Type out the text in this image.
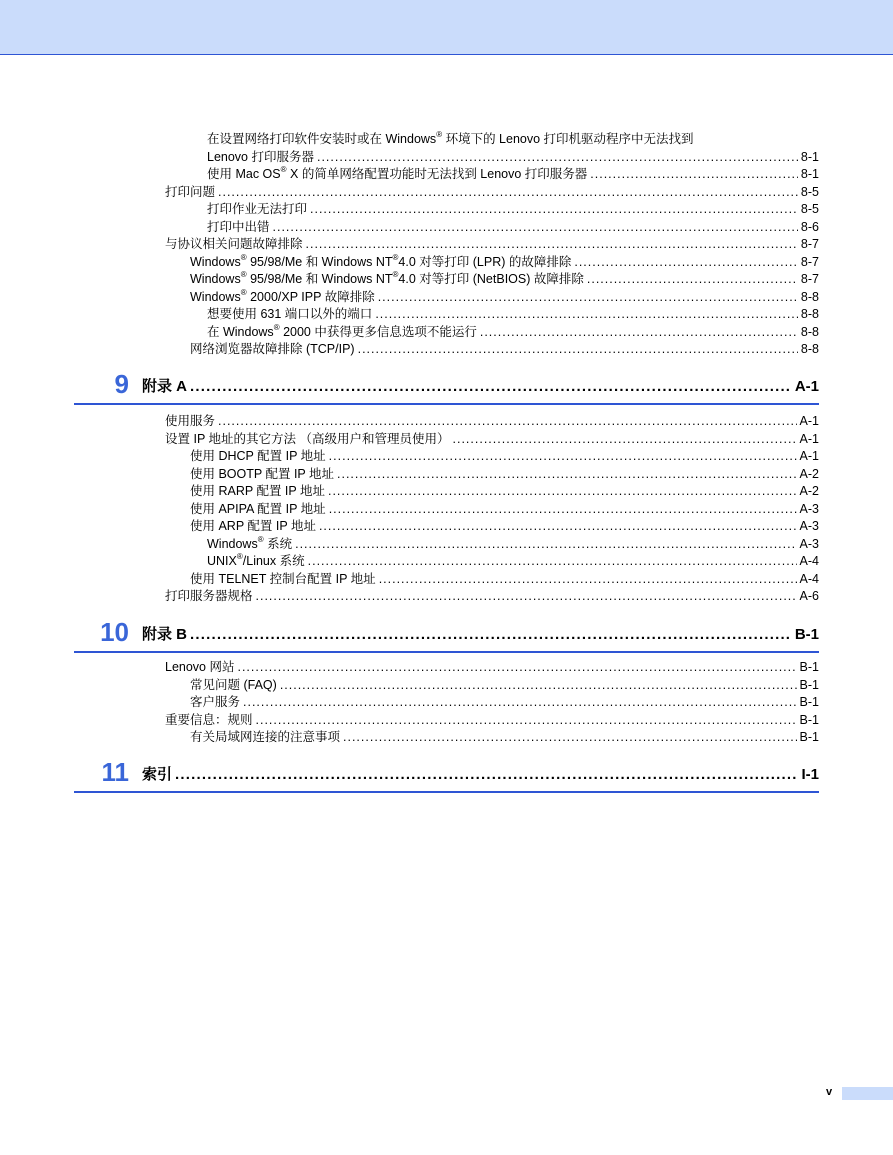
在设置网络打印软件安装时或在 Windows® 环境下的 Lenovo 打印机驱动程序中无法找到
Lenovo 打印服务器 .....	8-1
使用 Mac OS® X 的简单网络配置功能时无法找到 Lenovo 打印服务器 .....	8-1
打印问题 .....	8-5
打印作业无法打印 .....	8-5
打印中出错 .....	8-6
与协议相关问题故障排除 .....	8-7
Windows® 95/98/Me 和 Windows NT®4.0 对等打印 (LPR) 的故障排除 .....	8-7
Windows® 95/98/Me 和 Windows NT®4.0 对等打印 (NetBIOS) 故障排除 .....	8-7
Windows® 2000/XP IPP 故障排除 .....	8-8
想要使用 631 端口以外的端口 .....	8-8
在 Windows® 2000 中获得更多信息选项不能运行 .....	8-8
网络浏览器故障排除 (TCP/IP) .....	8-8
9 附录 A .....	A-1
使用服务 .....	A-1
设置 IP 地址的其它方法 （高级用户和管理员使用） .....	A-1
使用 DHCP 配置 IP 地址 .....	A-1
使用 BOOTP 配置 IP 地址 .....	A-2
使用 RARP 配置 IP 地址 .....	A-2
使用 APIPA 配置 IP 地址 .....	A-3
使用 ARP 配置 IP 地址 .....	A-3
Windows® 系统 .....	A-3
UNIX®/Linux 系统 .....	A-4
使用 TELNET 控制台配置 IP 地址 .....	A-4
打印服务器规格 .....	A-6
10 附录 B .....	B-1
Lenovo 网站 .....	B-1
常见问题 (FAQ) .....	B-1
客户服务 .....	B-1
重要信息：规则 .....	B-1
有关局域网连接的注意事项 .....	B-1
11 索引 .....	I-1
v
